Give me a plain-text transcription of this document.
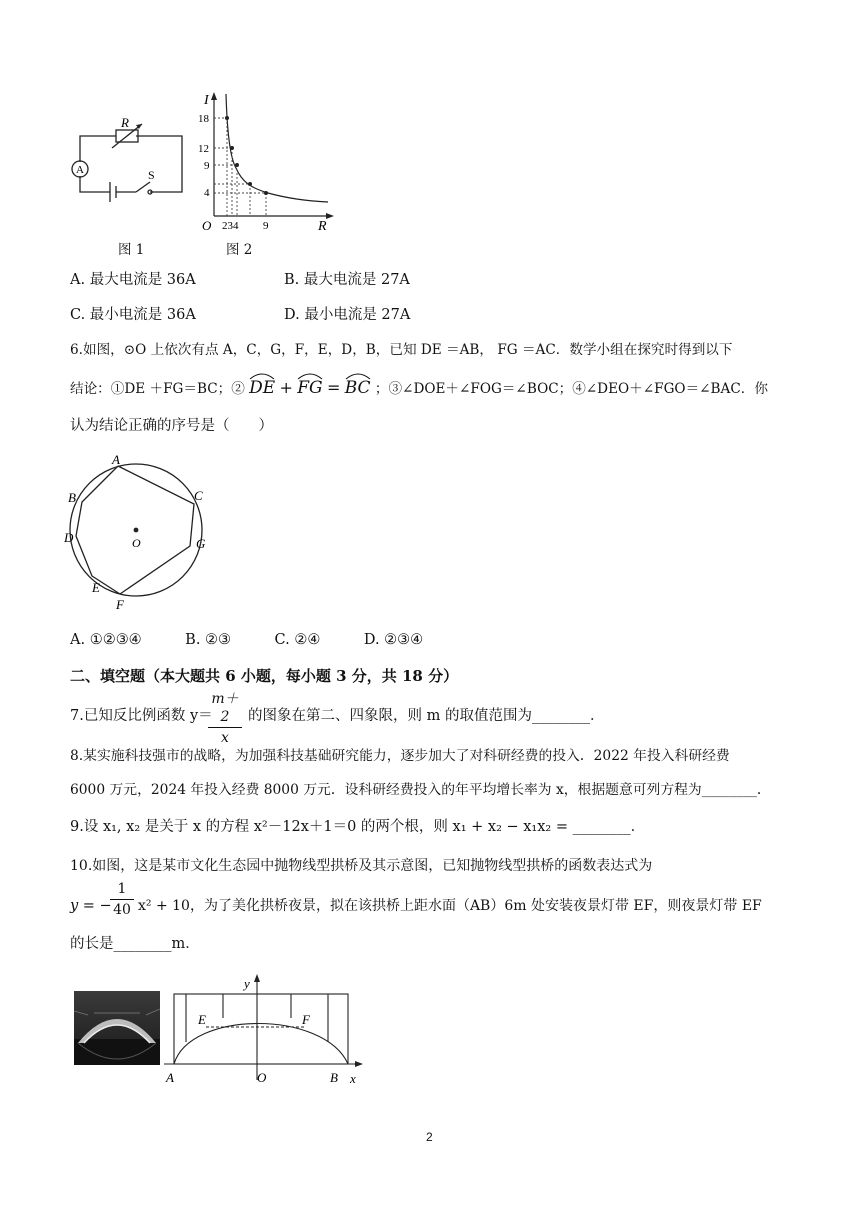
R
A	S
I
18
12
9
4
O 234 9	R
图 1	图 2
A. 最大电流是 36A	B. 最大电流是 27A
C. 最小电流是 36A	D. 最小电流是 27A
6.如图，⊙O 上依次有点 A，C，G，F，E，D，B，已知 DE ＝AB， FG ＝AC．数学小组在探究时得到以下
结论：①DE ＋FG＝BC；② DE + FG = BC ；③∠DOE＋∠FOG＝∠BOC；④∠DEO＋∠FGO＝∠BAC．你
认为结论正确的序号是（　　）
A
B	C
D	G
O
E
F
A. ①②③④　　　B. ②③　　　C. ②④　　　D. ②③④
二、填空题（本大题共 6 小题，每小题 3 分，共 18 分）
7.已知反比例函数 y＝
m＋2
x
的图象在第二、四象限，则 m 的取值范围为________．
8.某实施科技强市的战略，为加强科技基础研究能力，逐步加大了对科研经费的投入．2022 年投入科研经费
6000 万元，2024 年投入经费 8000 万元．设科研经费投入的年平均增长率为 x，根据题意可列方程为________．
9.设 x₁, x₂ 是关于 x 的方程 x²－12x＋1＝0 的两个根，则 x₁ + x₂ − x₁x₂ = ________．
10.如图，这是某市文化生态园中抛物线型拱桥及其示意图，已知抛物线型拱桥的函数表达式为
y = −
1
40 x² + 10，为了美化拱桥夜景，拟在该拱桥上距水面（AB）6m 处安装夜景灯带 EF，则夜景灯带 EF
的长是________m．
y
E	F
A	O	B x
2
